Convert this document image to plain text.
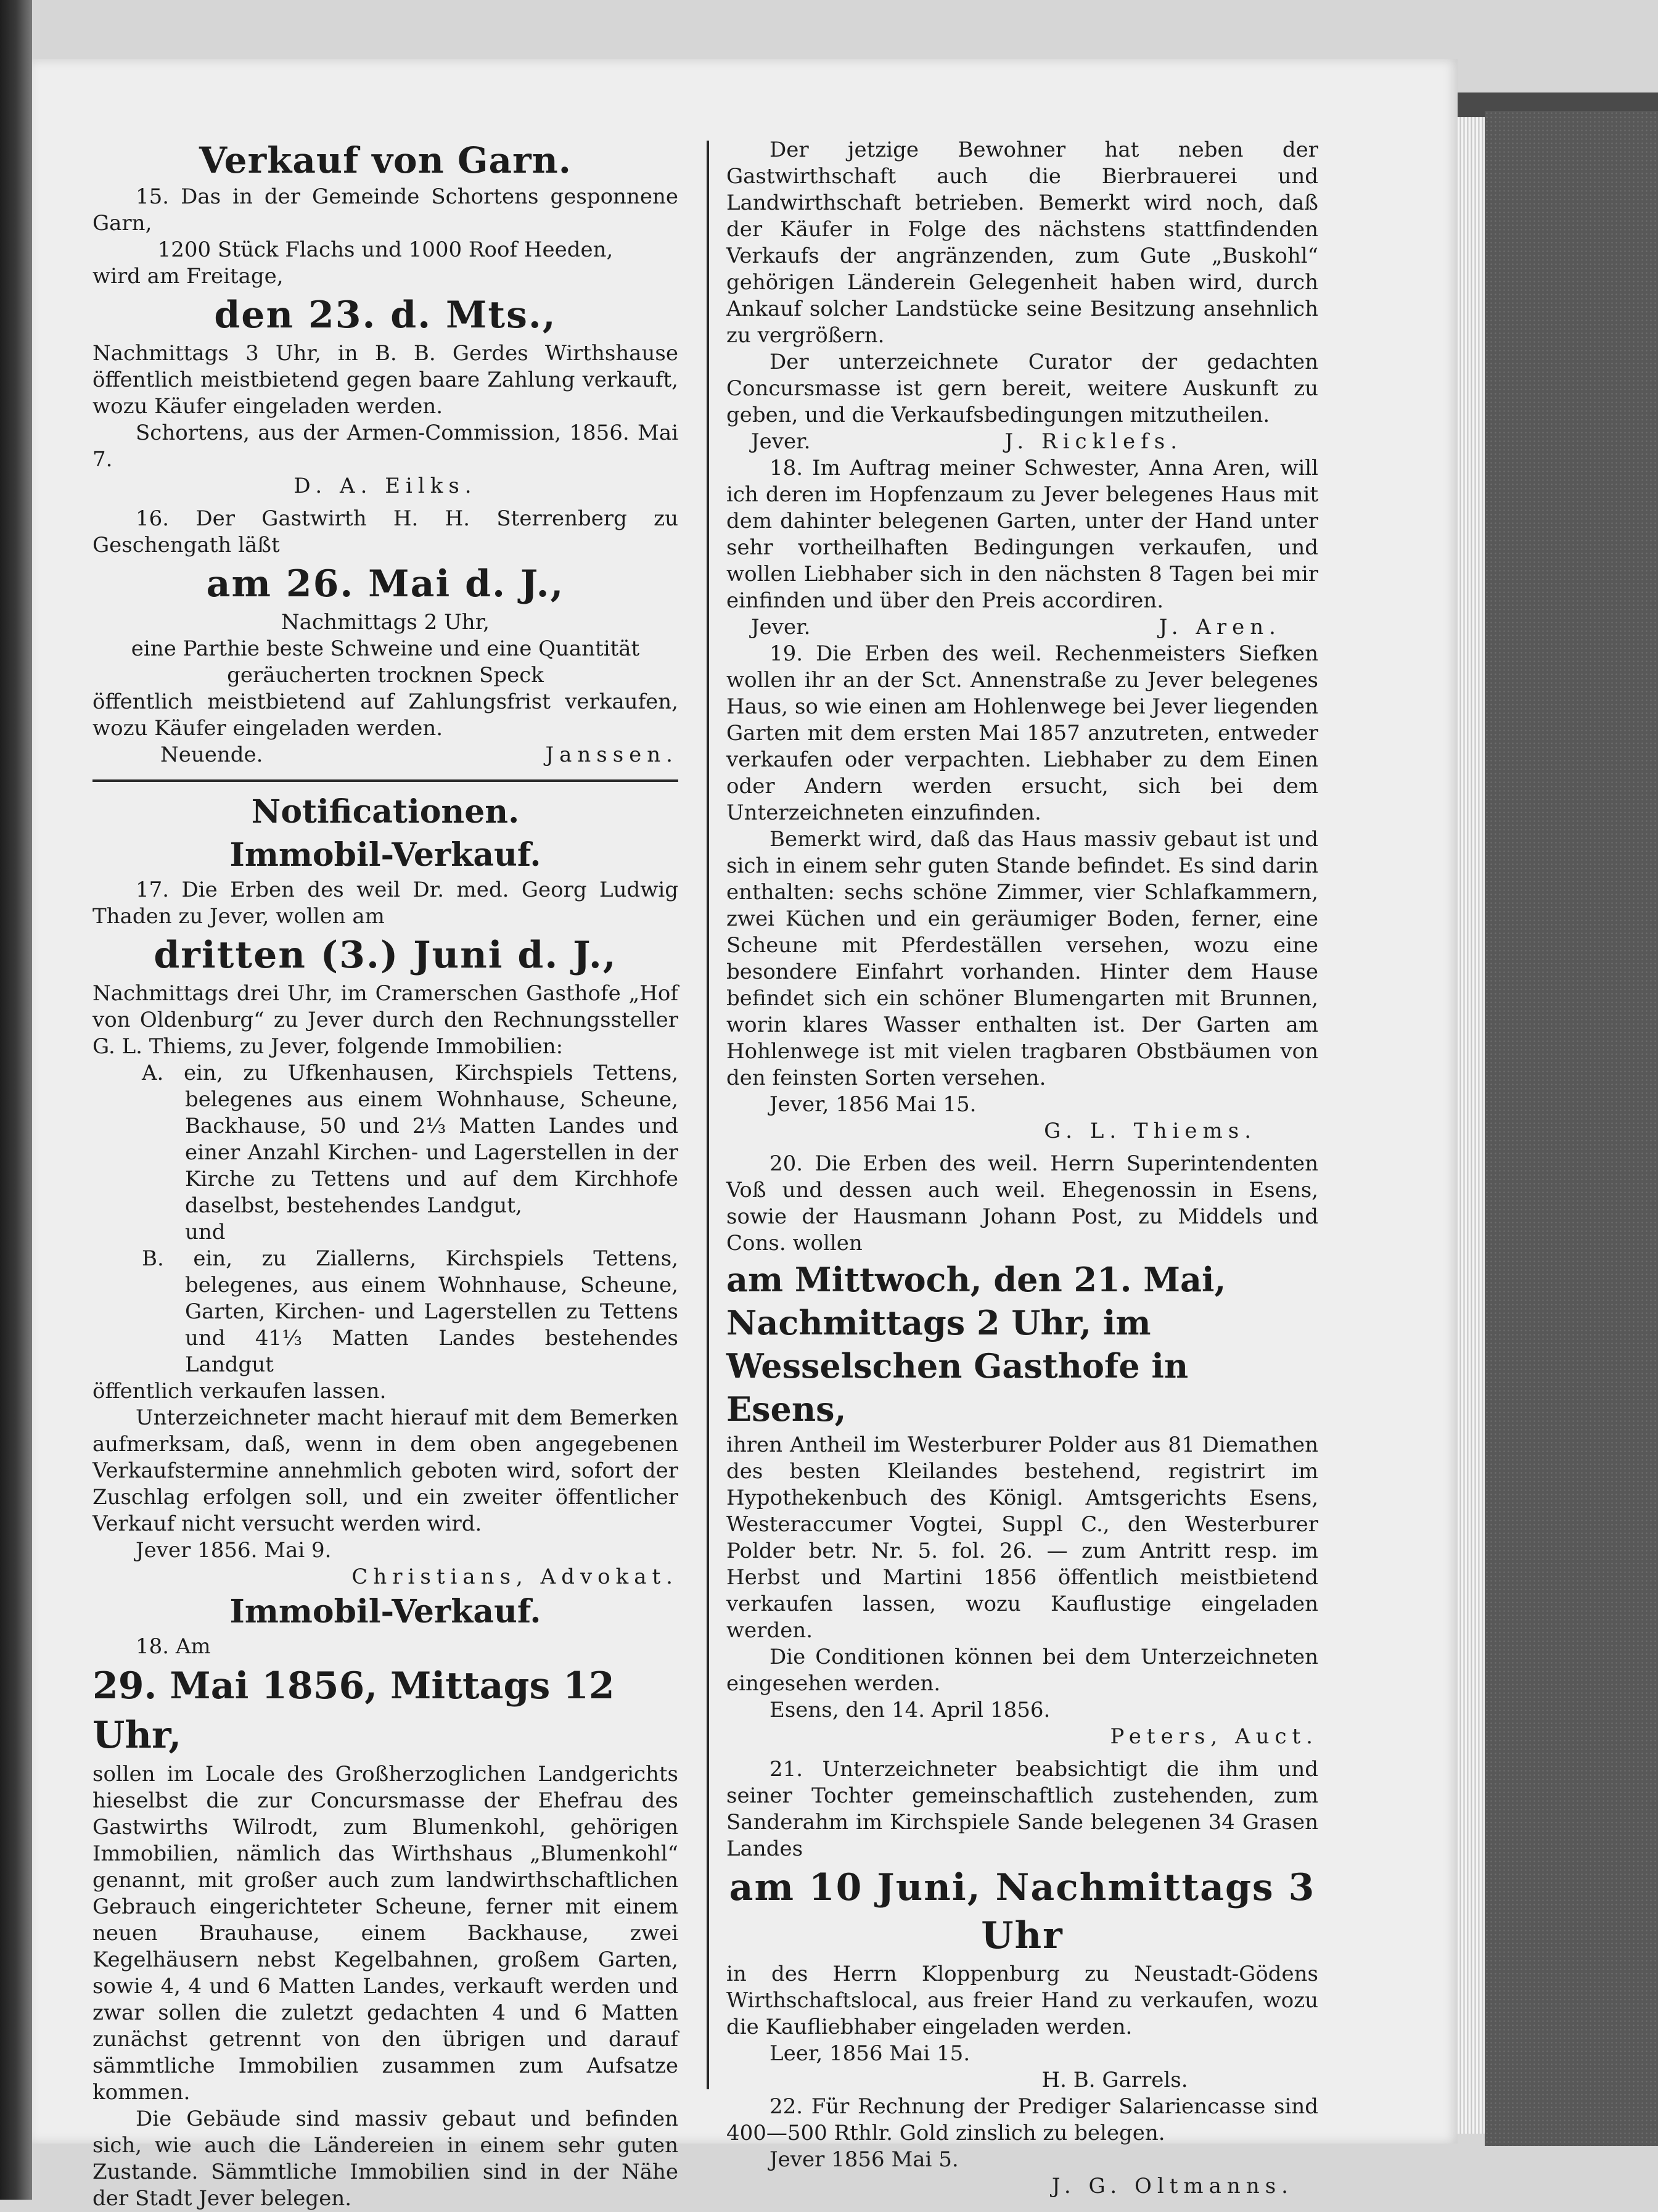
Verkauf von Garn.

15. Das in der Gemeinde Schortens gesponnene Garn,

1200 Stück Flachs und 1000 Roof Heeden,

wird am Freitage,

den 23. d. Mts.,

Nachmittags 3 Uhr, in B. B. Gerdes Wirthshause öffentlich meistbietend gegen baare Zahlung verkauft, wozu Käufer eingeladen werden.

Schortens, aus der Armen-Commission, 1856. Mai 7.

D. A. Eilks.

16. Der Gastwirth H. H. Sterrenberg zu Geschengath läßt

am 26. Mai d. J.,

Nachmittags 2 Uhr,

eine Parthie beste Schweine und eine Quantität

geräucherten trocknen Speck

öffentlich meistbietend auf Zahlungsfrist verkaufen, wozu Käufer eingeladen werden.

Neuende.	Janssen.

Notificationen.

Immobil-Verkauf.

17. Die Erben des weil Dr. med. Georg Ludwig Thaden zu Jever, wollen am

dritten (3.) Juni d. J.,

Nachmittags drei Uhr, im Cramerschen Gasthofe „Hof von Oldenburg“ zu Jever durch den Rechnungssteller G. L. Thiems, zu Jever, folgende Immobilien:

A. ein, zu Ufkenhausen, Kirchspiels Tettens, belegenes aus einem Wohnhause, Scheune, Backhause, 50 und 2⅓ Matten Landes und einer Anzahl Kirchen- und Lagerstellen in der Kirche zu Tettens und auf dem Kirchhofe daselbst, bestehendes Landgut,

und

B. ein, zu Ziallerns, Kirchspiels Tettens, belegenes, aus einem Wohnhause, Scheune, Garten, Kirchen- und Lagerstellen zu Tettens und 41⅓ Matten Landes bestehendes Landgut

öffentlich verkaufen lassen.

Unterzeichneter macht hierauf mit dem Bemerken aufmerksam, daß, wenn in dem oben angegebenen Verkaufstermine annehmlich geboten wird, sofort der Zuschlag erfolgen soll, und ein zweiter öffentlicher Verkauf nicht versucht werden wird.

Jever 1856. Mai 9.

Christians, Advokat.

Immobil-Verkauf.

18. Am

29. Mai 1856, Mittags 12 Uhr,

sollen im Locale des Großherzoglichen Landgerichts hieselbst die zur Concursmasse der Ehefrau des Gastwirths Wilrodt, zum Blumenkohl, gehörigen Immobilien, nämlich das Wirthshaus „Blumenkohl“ genannt, mit großer auch zum landwirthschaftlichen Gebrauch eingerichteter Scheune, ferner mit einem neuen Brauhause, einem Backhause, zwei Kegelhäusern nebst Kegelbahnen, großem Garten, sowie 4, 4 und 6 Matten Landes, verkauft werden und zwar sollen die zuletzt gedachten 4 und 6 Matten zunächst getrennt von den übrigen und darauf sämmtliche Immobilien zusammen zum Aufsatze kommen.

Die Gebäude sind massiv gebaut und befinden sich, wie auch die Ländereien in einem sehr guten Zustande. Sämmtliche Immobilien sind in der Nähe der Stadt Jever belegen.

Der jetzige Bewohner hat neben der Gastwirthschaft auch die Bierbrauerei und Landwirthschaft betrieben. Bemerkt wird noch, daß der Käufer in Folge des nächstens stattfindenden Verkaufs der angränzenden, zum Gute „Buskohl“ gehörigen Länderein Gelegenheit haben wird, durch Ankauf solcher Landstücke seine Besitzung ansehnlich zu vergrößern.

Der unterzeichnete Curator der gedachten Concursmasse ist gern bereit, weitere Auskunft zu geben, und die Verkaufsbedingungen mitzutheilen.

Jever.	J. Ricklefs.

18. Im Auftrag meiner Schwester, Anna Aren, will ich deren im Hopfenzaum zu Jever belegenes Haus mit dem dahinter belegenen Garten, unter der Hand unter sehr vortheilhaften Bedingungen verkaufen, und wollen Liebhaber sich in den nächsten 8 Tagen bei mir einfinden und über den Preis accordiren.

Jever.	J. Aren.

19. Die Erben des weil. Rechenmeisters Siefken wollen ihr an der Sct. Annenstraße zu Jever belegenes Haus, so wie einen am Hohlenwege bei Jever liegenden Garten mit dem ersten Mai 1857 anzutreten, entweder verkaufen oder verpachten. Liebhaber zu dem Einen oder Andern werden ersucht, sich bei dem Unterzeichneten einzufinden.

Bemerkt wird, daß das Haus massiv gebaut ist und sich in einem sehr guten Stande befindet. Es sind darin enthalten: sechs schöne Zimmer, vier Schlafkammern, zwei Küchen und ein geräumiger Boden, ferner, eine Scheune mit Pferdeställen versehen, wozu eine besondere Einfahrt vorhanden. Hinter dem Hause befindet sich ein schöner Blumengarten mit Brunnen, worin klares Wasser enthalten ist. Der Garten am Hohlenwege ist mit vielen tragbaren Obstbäumen von den feinsten Sorten versehen.

Jever, 1856 Mai 15.

G. L. Thiems.

20. Die Erben des weil. Herrn Superintendenten Voß und dessen auch weil. Ehegenossin in Esens, sowie der Hausmann Johann Post, zu Middels und Cons. wollen

am Mittwoch, den 21. Mai, Nachmittags 2 Uhr, im Wesselschen Gasthofe in Esens,

ihren Antheil im Westerburer Polder aus 81 Diemathen des besten Kleilandes bestehend, registrirt im Hypothekenbuch des Königl. Amtsgerichts Esens, Westeraccumer Vogtei, Suppl C., den Westerburer Polder betr. Nr. 5. fol. 26. — zum Antritt resp. im Herbst und Martini 1856 öffentlich meistbietend verkaufen lassen, wozu Kauflustige eingeladen werden.

Die Conditionen können bei dem Unterzeichneten eingesehen werden.

Esens, den 14. April 1856.

Peters, Auct.

21. Unterzeichneter beabsichtigt die ihm und seiner Tochter gemeinschaftlich zustehenden, zum Sanderahm im Kirchspiele Sande belegenen 34 Grasen Landes

am 10 Juni, Nachmittags 3 Uhr

in des Herrn Kloppenburg zu Neustadt-Gödens Wirthschaftslocal, aus freier Hand zu verkaufen, wozu die Kaufliebhaber eingeladen werden.

Leer, 1856 Mai 15.

H. B. Garrels.

22. Für Rechnung der Prediger Salariencasse sind 400—500 Rthlr. Gold zinslich zu belegen.

Jever 1856 Mai 5.

J. G. Oltmanns.
